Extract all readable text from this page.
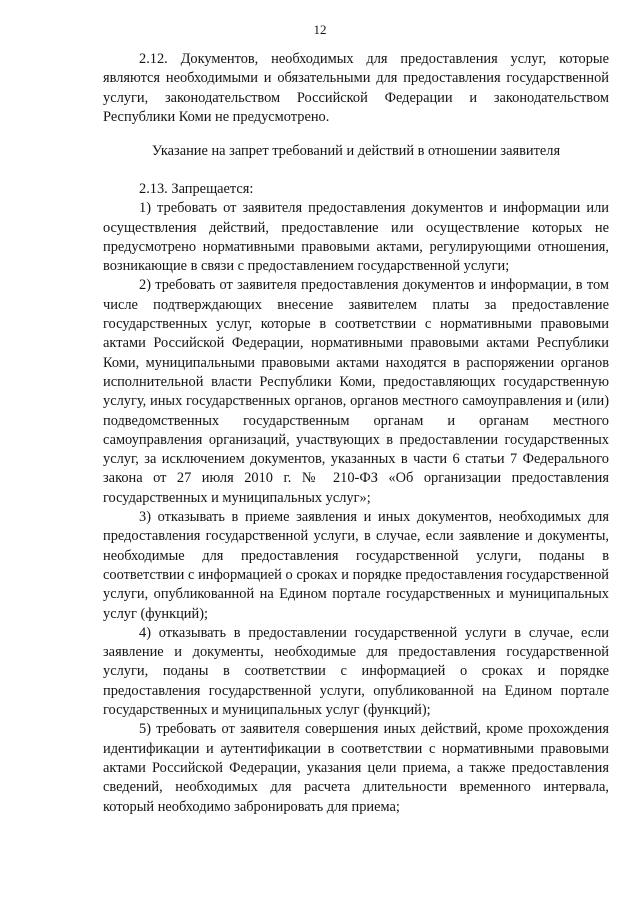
12

2.12. Документов, необходимых для предоставления услуг, которые являются необходимыми и обязательными для предоставления государственной услуги, законодательством Российской Федерации и законодательством Республики Коми не предусмотрено.

Указание на запрет требований и действий в отношении заявителя

2.13. Запрещается:

1) требовать от заявителя предоставления документов и информации или осуществления действий, предоставление или осуществление которых не предусмотрено нормативными правовыми актами, регулирующими отношения, возникающие в связи с предоставлением государственной услуги;

2) требовать от заявителя предоставления документов и информации, в том числе подтверждающих внесение заявителем платы за предоставление государственных услуг, которые в соответствии с нормативными правовыми актами Российской Федерации, нормативными правовыми актами Республики Коми, муниципальными правовыми актами находятся в распоряжении органов исполнительной власти Республики Коми, предоставляющих государственную услугу, иных государственных органов, органов местного самоуправления и (или) подведомственных государственным органам и органам местного самоуправления организаций, участвующих в предоставлении государственных услуг, за исключением документов, указанных в части 6 статьи 7 Федерального закона от 27 июля 2010 г. № 210-ФЗ «Об организации предоставления государственных и муниципальных услуг»;

3) отказывать в приеме заявления и иных документов, необходимых для предоставления государственной услуги, в случае, если заявление и документы, необходимые для предоставления государственной услуги, поданы в соответствии с информацией о сроках и порядке предоставления государственной услуги, опубликованной на Едином портале государственных и муниципальных услуг (функций);

4) отказывать в предоставлении государственной услуги в случае, если заявление и документы, необходимые для предоставления государственной услуги, поданы в соответствии с информацией о сроках и порядке предоставления государственной услуги, опубликованной на Едином портале государственных и муниципальных услуг (функций);

5) требовать от заявителя совершения иных действий, кроме прохождения идентификации и аутентификации в соответствии с нормативными правовыми актами Российской Федерации, указания цели приема, а также предоставления сведений, необходимых для расчета длительности временного интервала, который необходимо забронировать для приема;
